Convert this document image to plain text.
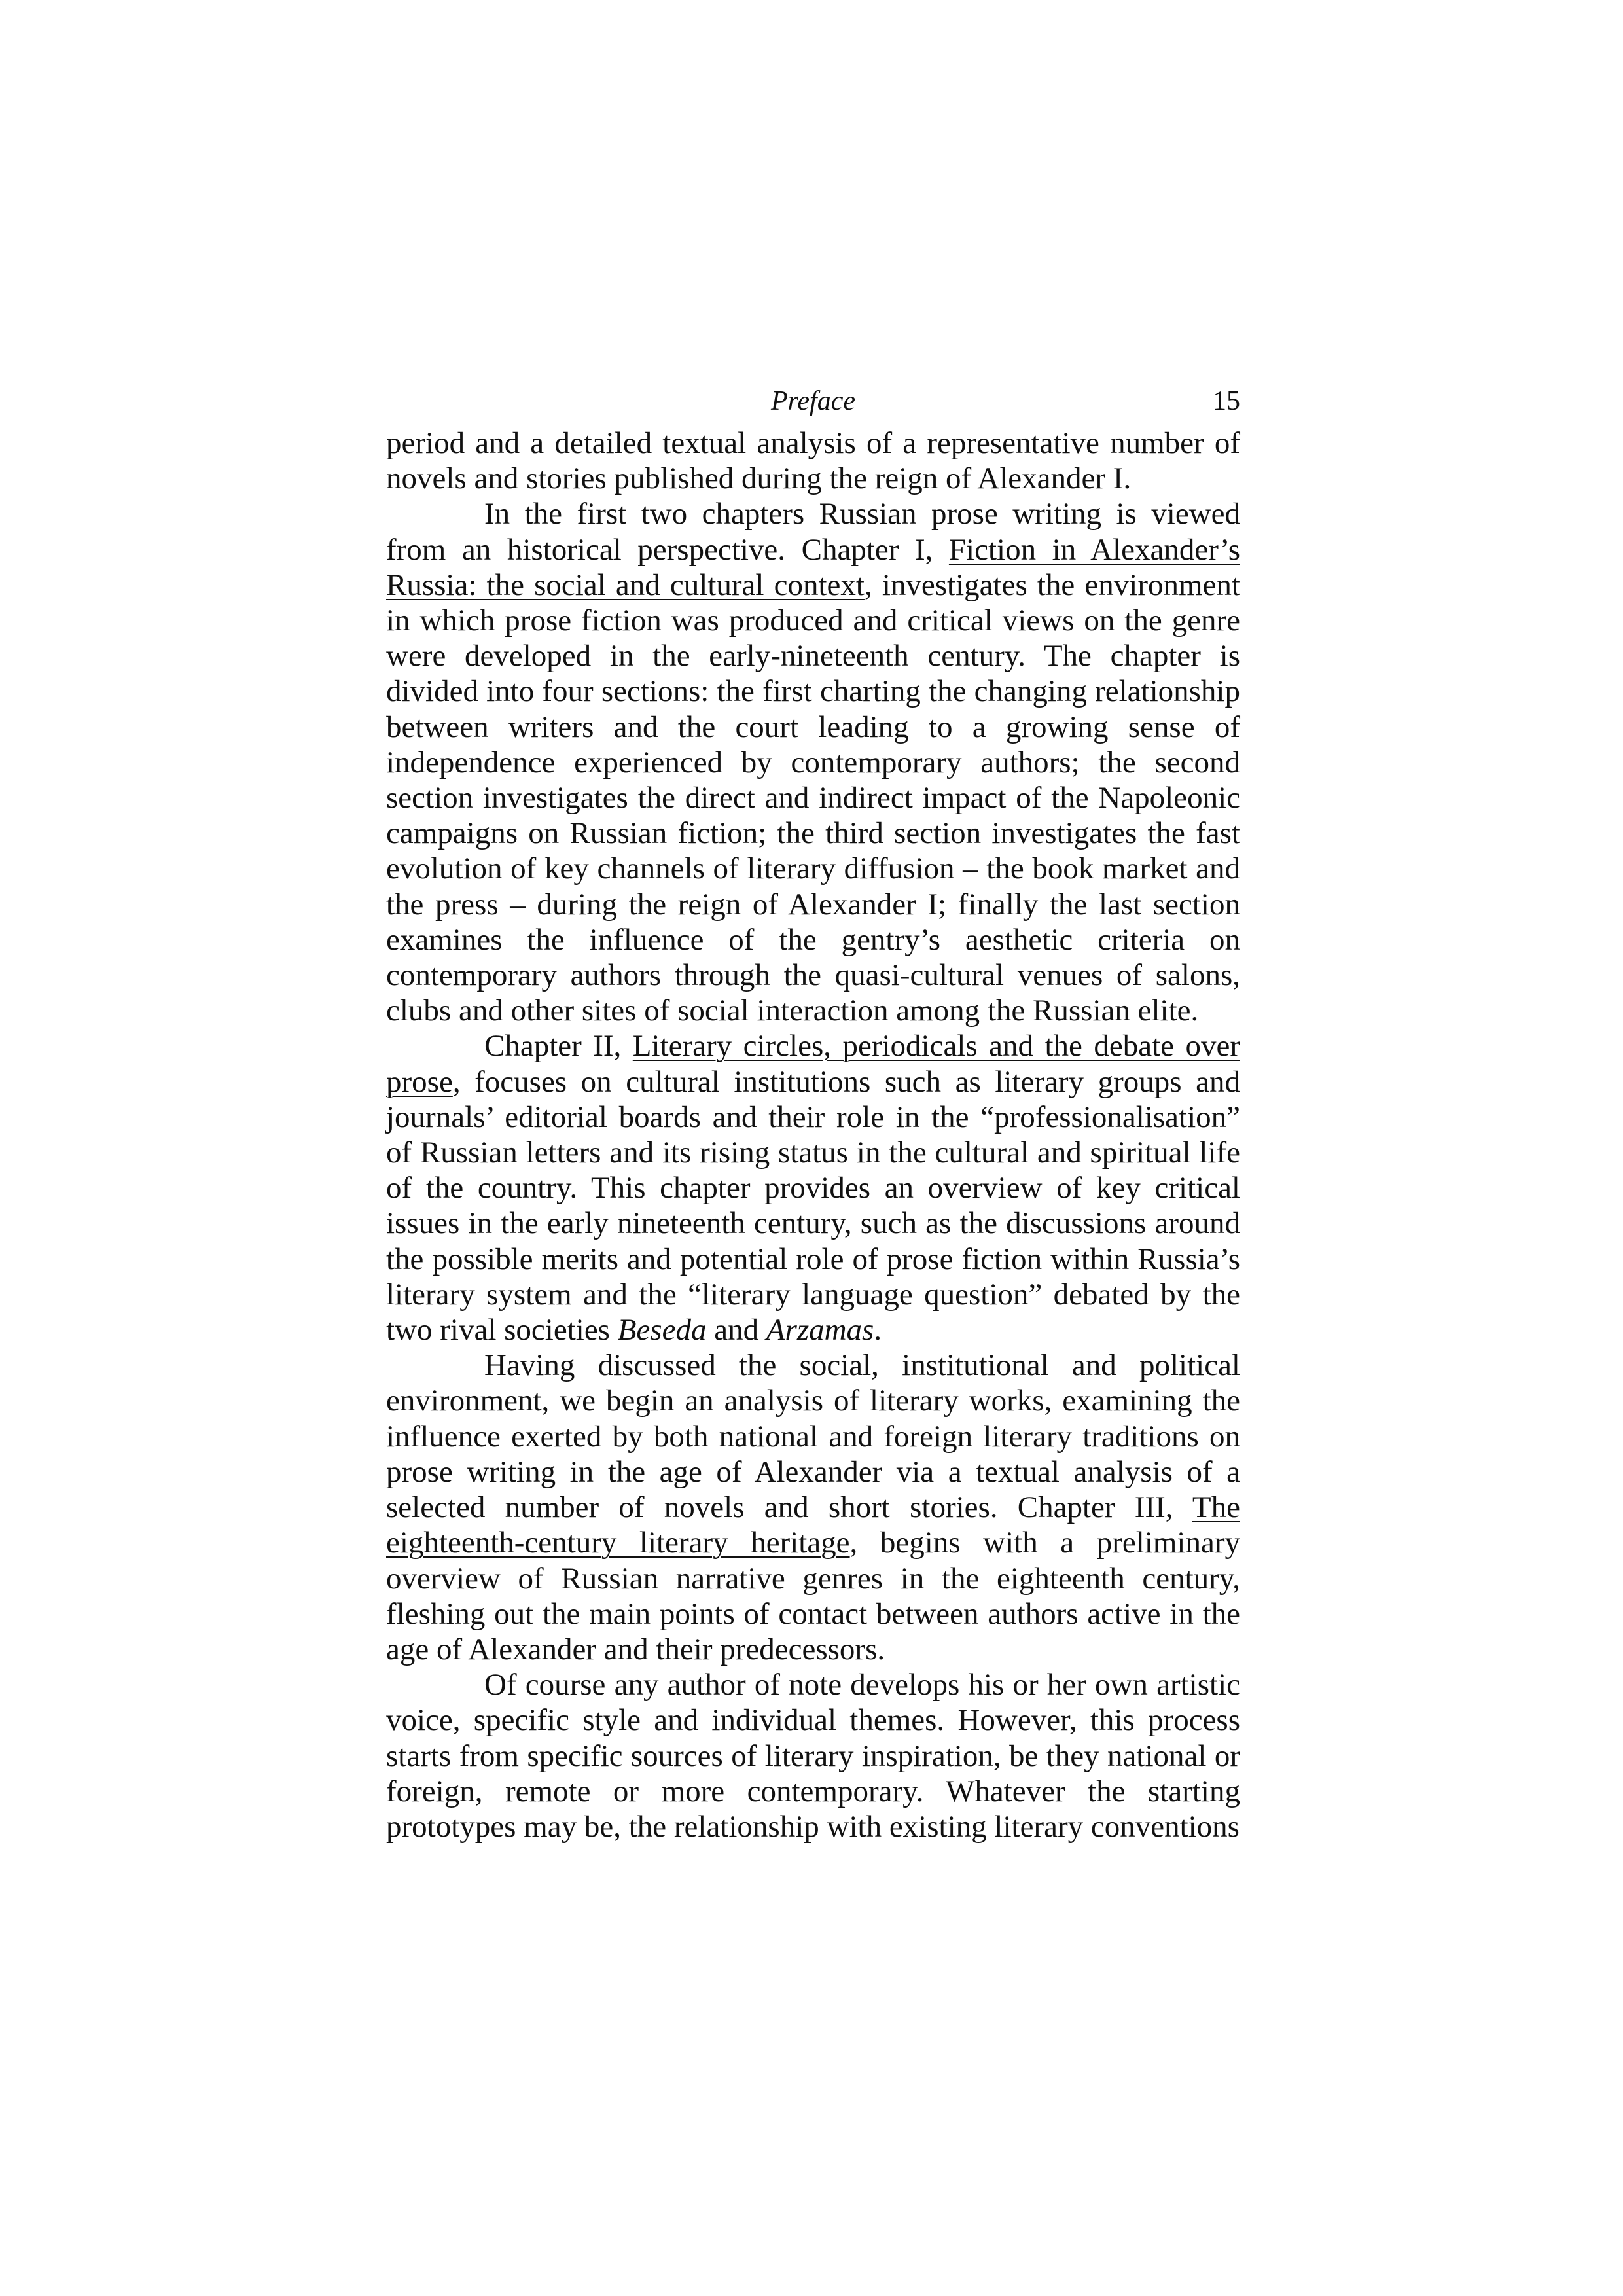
Preface	15

period and a detailed textual analysis of a representative number of novels and stories published during the reign of Alexander I.

In the first two chapters Russian prose writing is viewed from an historical perspective. Chapter I, Fiction in Alexander’s Russia: the social and cultural context, investigates the environment in which prose fiction was produced and critical views on the genre were developed in the early-nineteenth century. The chapter is divided into four sections: the first charting the changing relationship between writers and the court leading to a growing sense of independence experienced by contemporary authors; the second section investigates the direct and indirect impact of the Napoleonic campaigns on Russian fiction; the third section investigates the fast evolution of key channels of literary diffusion – the book market and the press – during the reign of Alexander I; finally the last section examines the influence of the gentry’s aesthetic criteria on contemporary authors through the quasi-cultural venues of salons, clubs and other sites of social interaction among the Russian elite.

Chapter II, Literary circles, periodicals and the debate over prose, focuses on cultural institutions such as literary groups and journals’ editorial boards and their role in the “professionalisation” of Russian letters and its rising status in the cultural and spiritual life of the country. This chapter provides an overview of key critical issues in the early nineteenth century, such as the discussions around the possible merits and potential role of prose fiction within Russia’s literary system and the “literary language question” debated by the two rival societies Beseda and Arzamas.

Having discussed the social, institutional and political environment, we begin an analysis of literary works, examining the influence exerted by both national and foreign literary traditions on prose writing in the age of Alexander via a textual analysis of a selected number of novels and short stories. Chapter III, The eighteenth-century literary heritage, begins with a preliminary overview of Russian narrative genres in the eighteenth century, fleshing out the main points of contact between authors active in the age of Alexander and their predecessors.

Of course any author of note develops his or her own artistic voice, specific style and individual themes. However, this process starts from specific sources of literary inspiration, be they national or foreign, remote or more contemporary. Whatever the starting prototypes may be, the relationship with existing literary conventions
